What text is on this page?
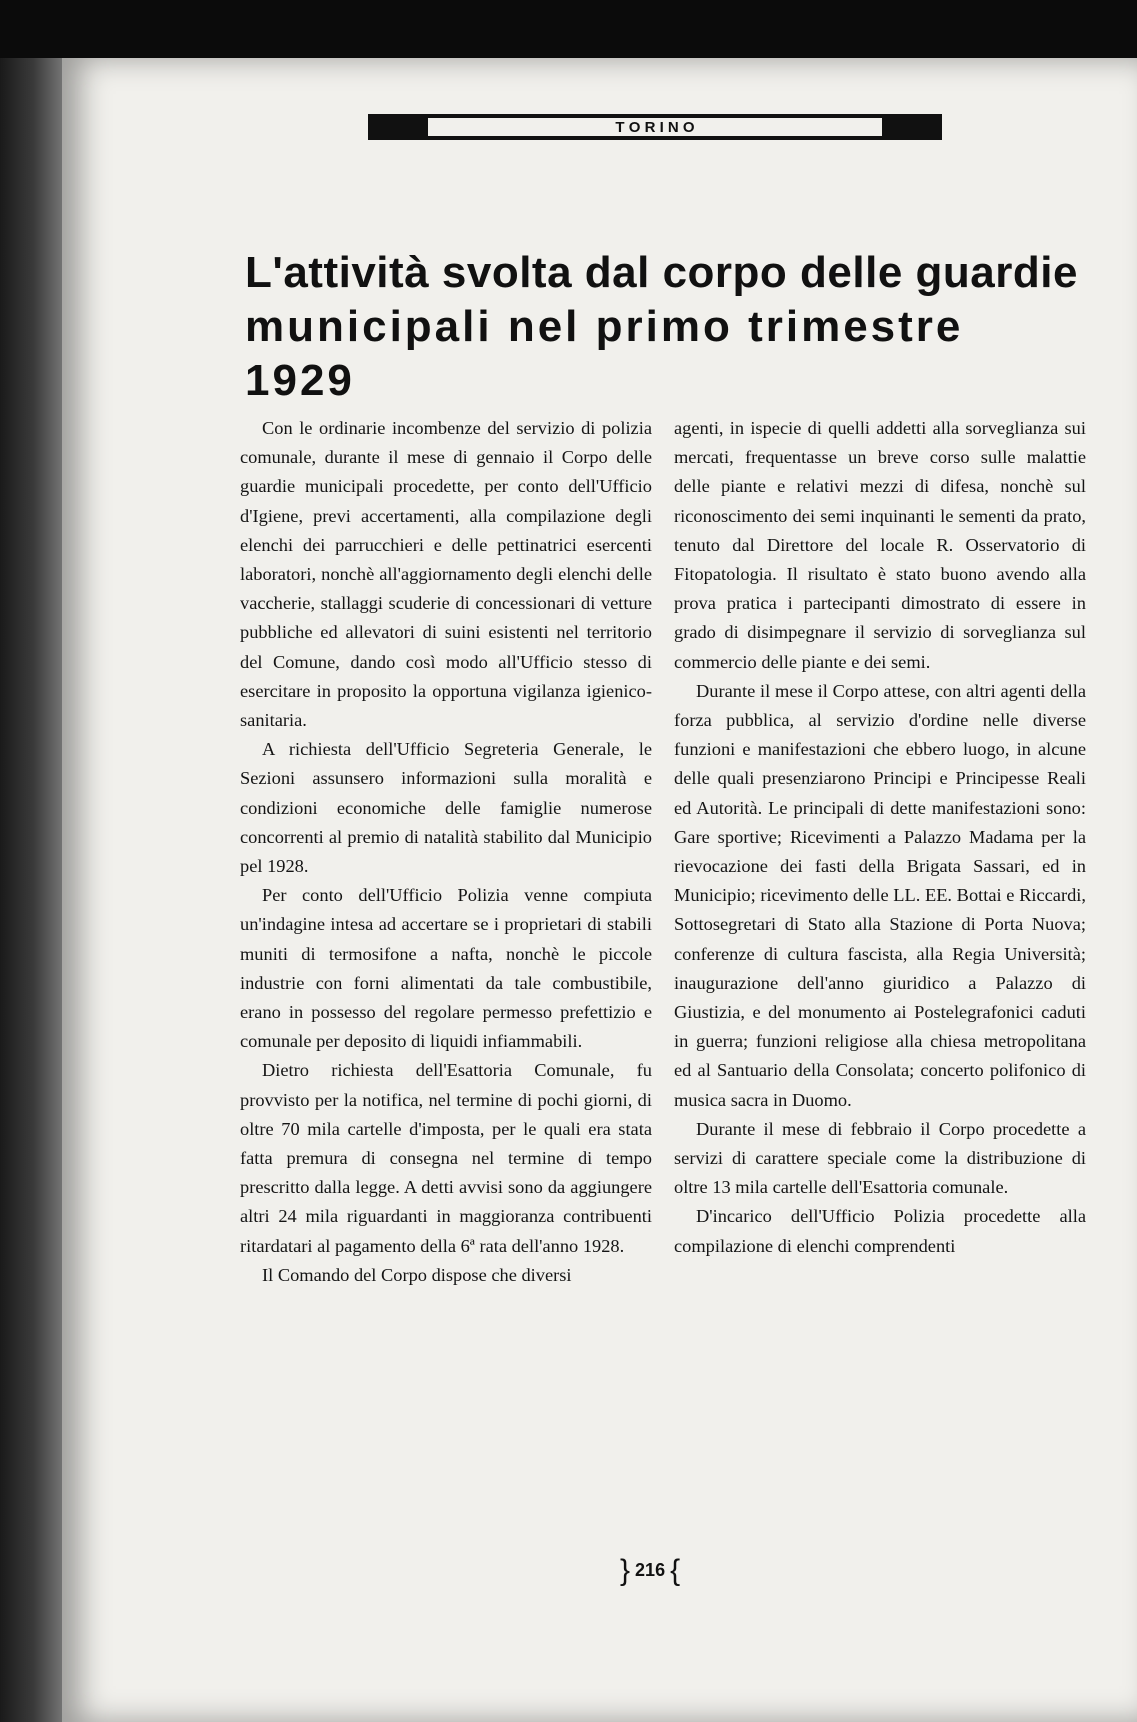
T O R I N O
L'attività svolta dal corpo delle guardie
municipali nel primo trimestre 1929

Con le ordinarie incombenze del servizio di polizia comunale, durante il mese di gennaio il Corpo delle guardie municipali procedette, per conto dell'Ufficio d'Igiene, previ accertamenti, alla compilazione degli elenchi dei parrucchieri e delle pettinatrici esercenti laboratori, nonchè all'aggiornamento degli elenchi delle vaccherie, stallaggi scuderie di concessionari di vetture pubbliche ed allevatori di suini esistenti nel territorio del Comune, dando così modo all'Ufficio stesso di esercitare in proposito la opportuna vigilanza igienico-sanitaria.

A richiesta dell'Ufficio Segreteria Generale, le Sezioni assunsero informazioni sulla moralità e condizioni economiche delle famiglie numerose concorrenti al premio di natalità stabilito dal Municipio pel 1928.

Per conto dell'Ufficio Polizia venne compiuta un'indagine intesa ad accertare se i proprietari di stabili muniti di termosifone a nafta, nonchè le piccole industrie con forni alimentati da tale combustibile, erano in possesso del regolare permesso prefettizio e comunale per deposito di liquidi infiammabili.

Dietro richiesta dell'Esattoria Comunale, fu provvisto per la notifica, nel termine di pochi giorni, di oltre 70 mila cartelle d'imposta, per le quali era stata fatta premura di consegna nel termine di tempo prescritto dalla legge. A detti avvisi sono da aggiungere altri 24 mila riguardanti in maggioranza contribuenti ritardatari al pagamento della 6ª rata dell'anno 1928.

Il Comando del Corpo dispose che diversi

agenti, in ispecie di quelli addetti alla sorveglianza sui mercati, frequentasse un breve corso sulle malattie delle piante e relativi mezzi di difesa, nonchè sul riconoscimento dei semi inquinanti le sementi da prato, tenuto dal Direttore del locale R. Osservatorio di Fitopatologia. Il risultato è stato buono avendo alla prova pratica i partecipanti dimostrato di essere in grado di disimpegnare il servizio di sorveglianza sul commercio delle piante e dei semi.

Durante il mese il Corpo attese, con altri agenti della forza pubblica, al servizio d'ordine nelle diverse funzioni e manifestazioni che ebbero luogo, in alcune delle quali presenziarono Principi e Principesse Reali ed Autorità. Le principali di dette manifestazioni sono: Gare sportive; Ricevimenti a Palazzo Madama per la rievocazione dei fasti della Brigata Sassari, ed in Municipio; ricevimento delle LL. EE. Bottai e Riccardi, Sottosegretari di Stato alla Stazione di Porta Nuova; conferenze di cultura fascista, alla Regia Università; inaugurazione dell'anno giuridico a Palazzo di Giustizia, e del monumento ai Postelegrafonici caduti in guerra; funzioni religiose alla chiesa metropolitana ed al Santuario della Consolata; concerto polifonico di musica sacra in Duomo.

Durante il mese di febbraio il Corpo procedette a servizi di carattere speciale come la distribuzione di oltre 13 mila cartelle dell'Esattoria comunale.

D'incarico dell'Ufficio Polizia procedette alla compilazione di elenchi comprendenti

} 216 {
